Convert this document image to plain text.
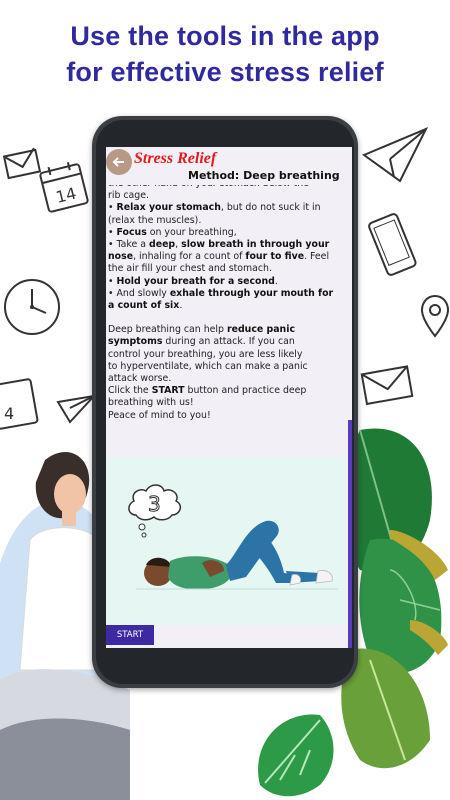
Use the tools in the app
for effective stress relief
14
4

rib cage.

• Relax your stomach, but do not suck it in

(relax the muscles).

• Focus on your breathing,

• Take a deep, slow breath in through your

nose, inhaling for a count of four to five. Feel

the air fill your chest and stomach.

• Hold your breath for a second.

• And slowly exhale through your mouth for

a count of six.

Deep breathing can help reduce panic

symptoms during an attack. If you can

control your breathing, you are less likely

to hyperventilate, which can make a panic

attack worse.

Click the START button and practice deep

breathing with us!

Peace of mind to you!

Stress Relief
Method: Deep breathing
3
START
